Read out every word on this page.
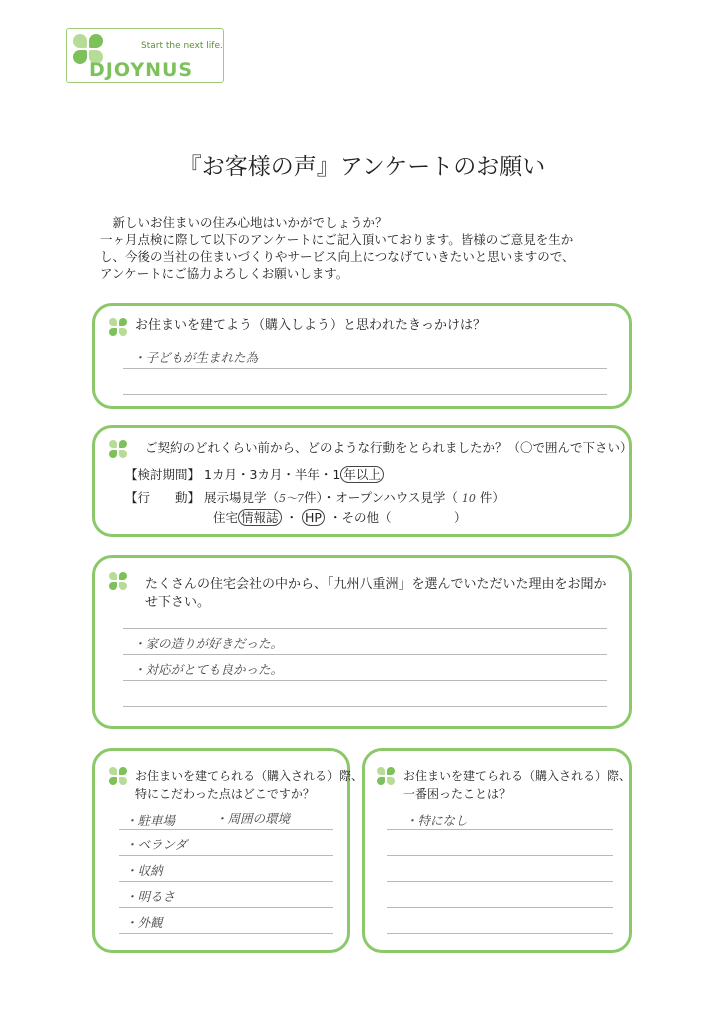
Start the next life.
DJOYNUS
『お客様の声』アンケートのお願い
　新しいお住まいの住み心地はいかがでしょうか？
一ヶ月点検に際して以下のアンケートにご記入頂いております。皆様のご意見を生か
し、今後の当社の住まいづくりやサービス向上につなげていきたいと思いますので、
アンケートにご協力よろしくお願いします。
お住まいを建てよう（購入しよう）と思われたきっかけは？
・子どもが生まれた為
ご契約のどれくらい前から、どのような行動をとられましたか？（〇で囲んで下さい）
【検討期間】 1カ月・3カ月・半年・1 年以上
【行　　動】 展示場見学（5〜7件）・オープンハウス見学（ 10 件）
住宅 情報誌 ・ HP ・その他（　　　　　）
たくさんの住宅会社の中から、「九州八重洲」を選んでいただいた理由をお聞か
せ下さい。
・家の造りが好きだった。
・対応がとても良かった。
お住まいを建てられる（購入される）際、
特にこだわった点はどこですか？
・駐車場	・周囲の環境
・ベランダ
・収納
・明るさ
・外観
お住まいを建てられる（購入される）際、
一番困ったことは？
・特になし
